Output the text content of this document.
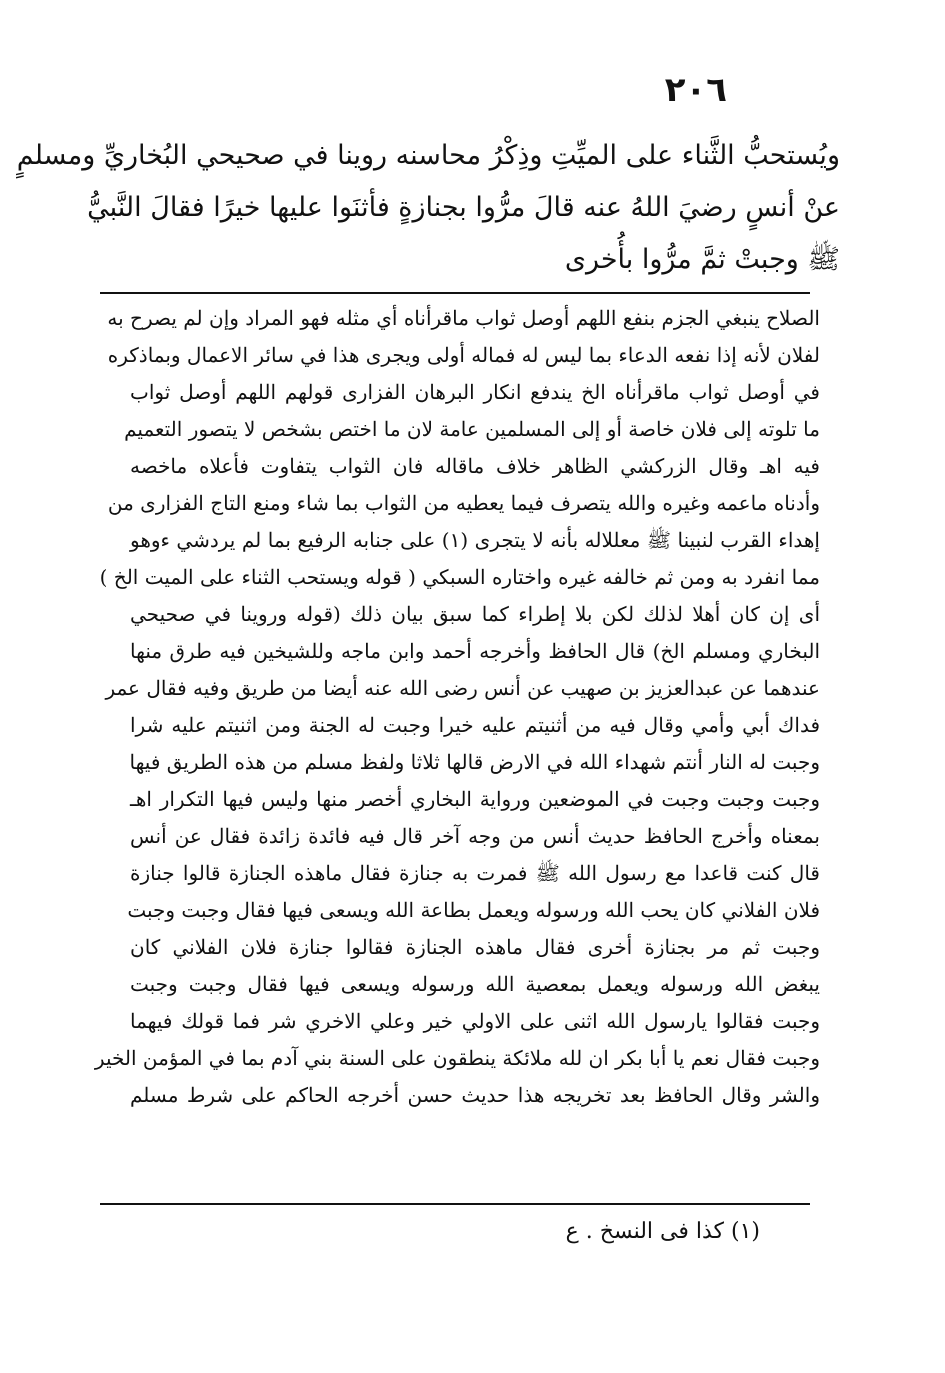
٢٠٦
ويُستحبُّ الثَّناء على الميِّتِ وذِكْرُ محاسنه روينا في صحيحي البُخاريِّ ومسلمٍ
عنْ أنسٍ رضيَ اللهُ عنه قالَ مرُّوا بجنازةٍ فأثنَوا عليها خيرًا فقالَ النَّبيُّ
ﷺ وجبتْ ثمَّ مرُّوا بأُخرى
الصلاح ينبغي الجزم بنفع اللهم أوصل ثواب ماقرأناه أي مثله فهو المراد وإن لم يصرح به
لفلان لأنه إذا نفعه الدعاء بما ليس له فماله أولى ويجرى هذا في سائر الاعمال وبماذكره
في أوصل ثواب ماقرأناه الخ يندفع انكار البرهان الفزارى قولهم اللهم أوصل ثواب
ما تلوته إلى فلان خاصة أو إلى المسلمين عامة لان ما اختص بشخص لا يتصور التعميم
فيه اهـ وقال الزركشي الظاهر خلاف ماقاله فان الثواب يتفاوت فأعلاه ماخصه
وأدناه ماعمه وغيره والله يتصرف فيما يعطيه من الثواب بما شاء ومنع التاج الفزارى من
إهداء القرب لنبينا ﷺ معللاله بأنه لا يتجرى (١) على جنابه الرفيع بما لم يردشي ءوهو
مما انفرد به ومن ثم خالفه غيره واختاره السبكي ( قوله ويستحب الثناء على الميت الخ )
أى إن كان أهلا لذلك لكن بلا إطراء كما سبق بيان ذلك (قوله وروينا في صحيحي
البخاري ومسلم الخ) قال الحافظ وأخرجه أحمد وابن ماجه وللشيخين فيه طرق منها
عندهما عن عبدالعزيز بن صهيب عن أنس رضى الله عنه أيضا من طريق وفيه فقال عمر
فداك أبي وأمي وقال فيه من أثنيتم عليه خيرا وجبت له الجنة ومن اثنيتم عليه شرا
وجبت له النار أنتم شهداء الله في الارض قالها ثلاثا ولفظ مسلم من هذه الطريق فيها
وجبت وجبت وجبت في الموضعين ورواية البخاري أخصر منها وليس فيها التكرار اهـ
بمعناه وأخرج الحافظ حديث أنس من وجه آخر قال فيه فائدة زائدة فقال عن أنس
قال كنت قاعدا مع رسول الله ﷺ فمرت به جنازة فقال ماهذه الجنازة قالوا جنازة
فلان الفلاني كان يحب الله ورسوله ويعمل بطاعة الله ويسعى فيها فقال وجبت وجبت
وجبت ثم مر بجنازة أخرى فقال ماهذه الجنازة فقالوا جنازة فلان الفلاني كان
يبغض الله ورسوله ويعمل بمعصية الله ورسوله ويسعى فيها فقال وجبت وجبت
وجبت فقالوا يارسول الله اثنى على الاولي خير وعلي الاخري شر فما قولك فيهما
وجبت فقال نعم يا أبا بكر ان لله ملائكة ينطقون على السنة بني آدم بما في المؤمن الخير
والشر وقال الحافظ بعد تخريجه هذا حديث حسن أخرجه الحاكم على شرط مسلم
(١) كذا فى النسخ . ع
